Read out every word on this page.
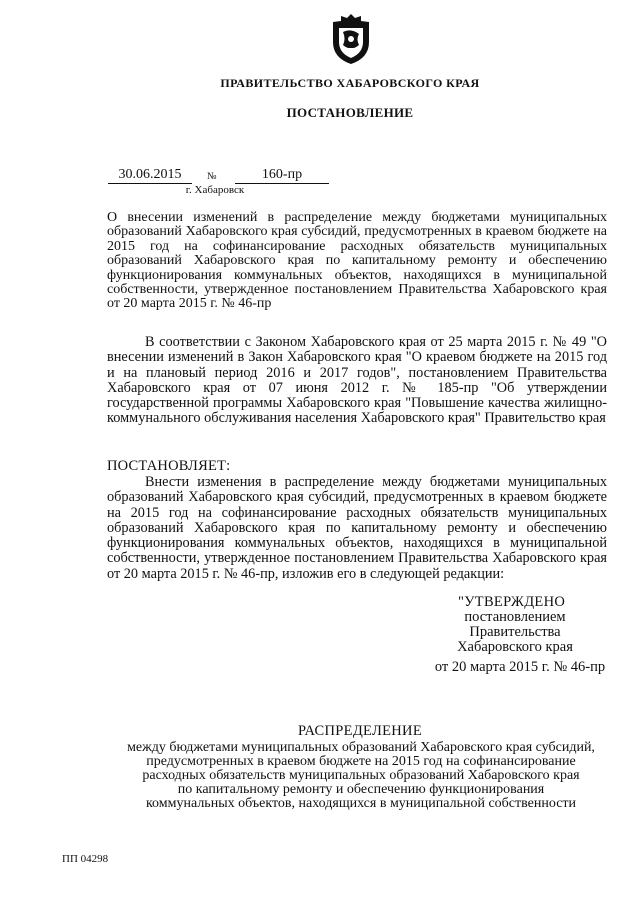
ПРАВИТЕЛЬСТВО ХАБАРОВСКОГО КРАЯ
ПОСТАНОВЛЕНИЕ
30.06.2015	№	160-пр
г. Хабаровск
О внесении изменений в распределение между бюджетами муниципальных образований Хабаровского края субсидий, предусмотренных в краевом бюджете на 2015 год на софинансирование расходных обязательств муниципальных образований Хабаровского края по капитальному ремонту и обеспечению функционирования коммунальных объектов, находящихся в муниципальной собственности, утвержденное постановлением Правительства Хабаровского края от 20 марта 2015 г. № 46-пр
В соответствии с Законом Хабаровского края от 25 марта 2015 г. № 49 "О внесении изменений в Закон Хабаровского края "О краевом бюджете на 2015 год и на плановый период 2016 и 2017 годов", постановлением Правительства Хабаровского края от 07 июня 2012 г. № 185-пр "Об утверждении государственной программы Хабаровского края "Повышение качества жилищно-коммунального обслуживания населения Хабаровского края" Правительство края
ПОСТАНОВЛЯЕТ:
Внести изменения в распределение между бюджетами муниципальных образований Хабаровского края субсидий, предусмотренных в краевом бюджете на 2015 год на софинансирование расходных обязательств муниципальных образований Хабаровского края по капитальному ремонту и обеспечению функционирования коммунальных объектов, находящихся в муниципальной собственности, утвержденное постановлением Правительства Хабаровского края от 20 марта 2015 г. № 46-пр, изложив его в следующей редакции:
"УТВЕРЖДЕНО
постановлением
Правительства
Хабаровского края
от 20 марта 2015 г. № 46-пр
РАСПРЕДЕЛЕНИЕ
между бюджетами муниципальных образований Хабаровского края субсидий,
предусмотренных в краевом бюджете на 2015 год на софинансирование
расходных обязательств муниципальных образований Хабаровского края
по капитальному ремонту и обеспечению функционирования
коммунальных объектов, находящихся в муниципальной собственности
ПП 04298
